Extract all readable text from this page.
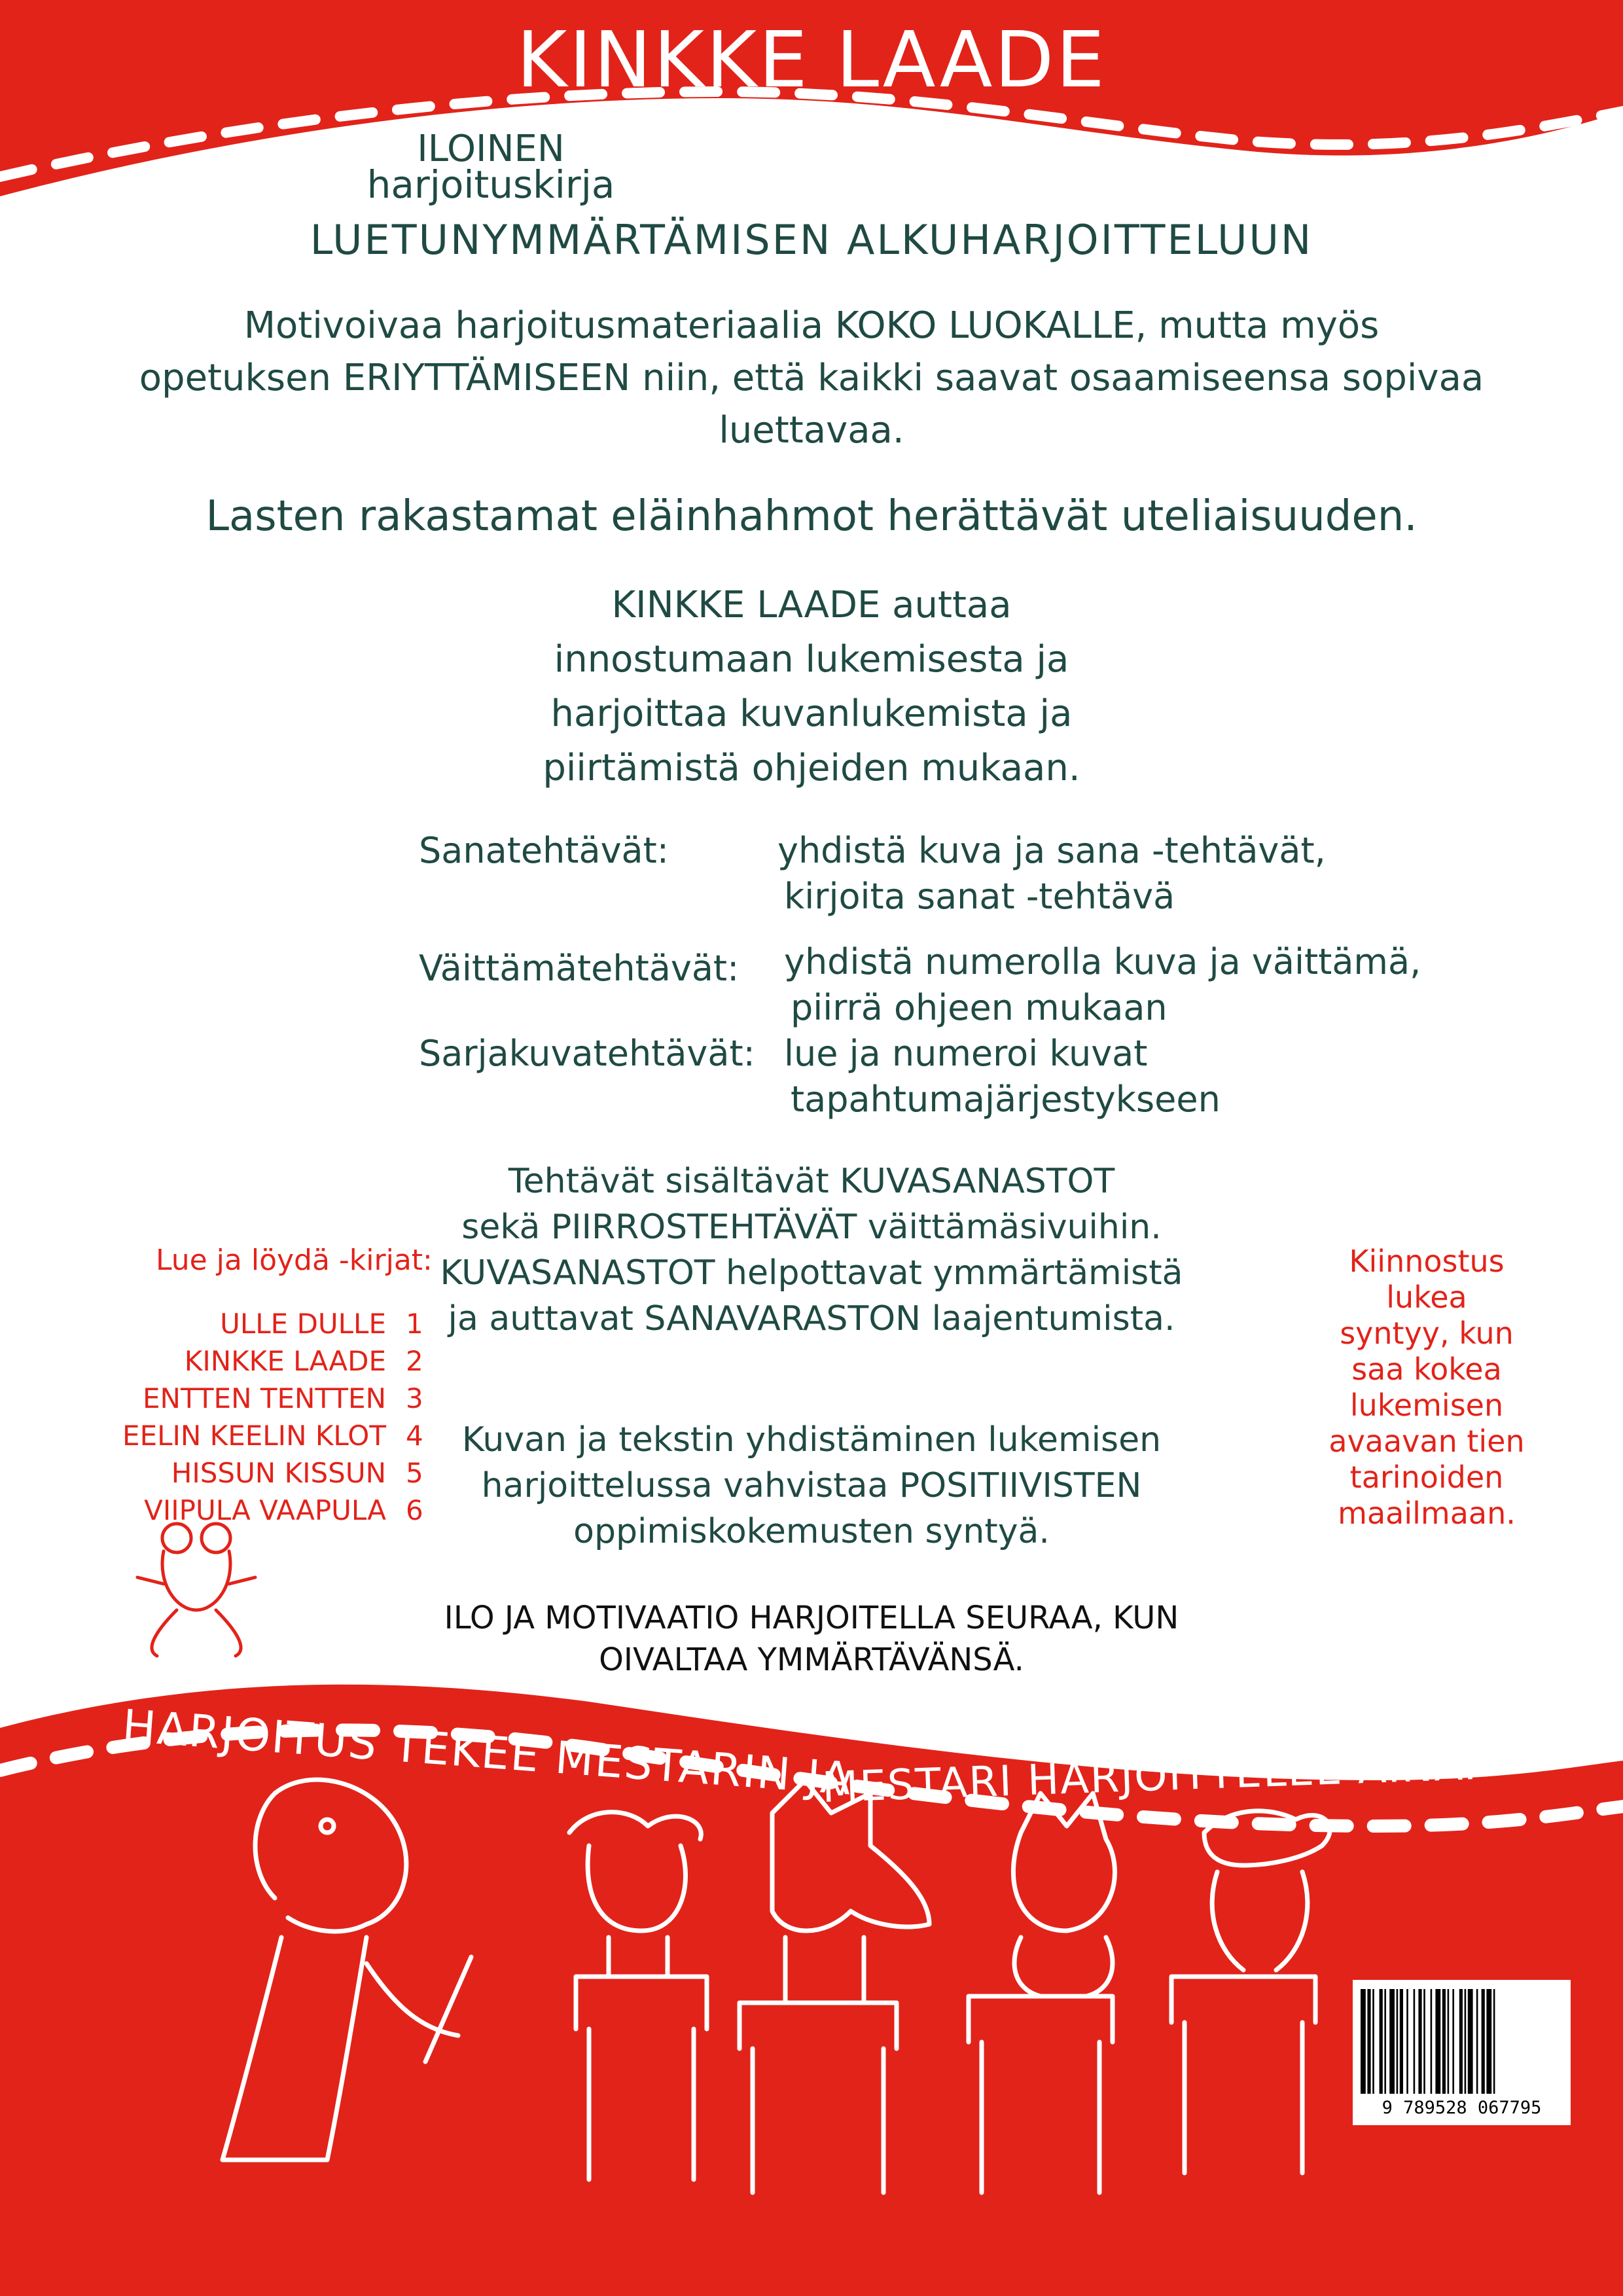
KINKKE LAADE
ILOINEN
harjoituskirja
LUETUNYMMÄRTÄMISEN ALKUHARJOITTELUUN
Motivoivaa harjoitusmateriaalia KOKO LUOKALLE, mutta myös
opetuksen ERIYTTÄMISEEN niin, että kaikki saavat osaamiseensa sopivaa
luettavaa.
Lasten rakastamat eläinhahmot herättävät uteliaisuuden.
KINKKE LAADE auttaa
innostumaan lukemisesta ja
harjoittaa kuvanlukemista ja
piirtämistä ohjeiden mukaan.
Sanatehtävät:	yhdistä kuva ja sana -tehtävät,
kirjoita sanat -tehtävä
Väittämätehtävät: yhdistä numerolla kuva ja väittämä,
piirrä ohjeen mukaan
Sarjakuvatehtävät: lue ja numeroi kuvat
tapahtumajärjestykseen
Tehtävät sisältävät KUVASANASTOT
sekä PIIRROSTEHTÄVÄT väittämäsivuihin.
KUVASANASTOT helpottavat ymmärtämistä
ja auttavat SANAVARASTON laajentumista.
Kuvan ja tekstin yhdistäminen lukemisen
harjoittelussa vahvistaa POSITIIVISTEN
oppimiskokemusten syntyä.
ILO JA MOTIVAATIO HARJOITELLA SEURAA, KUN
OIVALTAA YMMÄRTÄVÄNSÄ.
Lue ja löydä -kirjat:
ULLE DULLE 1
KINKKE LAADE 2
ENTTEN TENTTEN 3
EELIN KEELIN KLOT 4
HISSUN KISSUN 5
VIIPULA VAAPULA 6
Kiinnostus
lukea
syntyy, kun
saa kokea
lukemisen
avaavan tien
tarinoiden
maailmaan.
HARJOITUS TEKEE MESTARIN JA
MESTARI HARJOITTELEE AINA.
9 789528 067795
